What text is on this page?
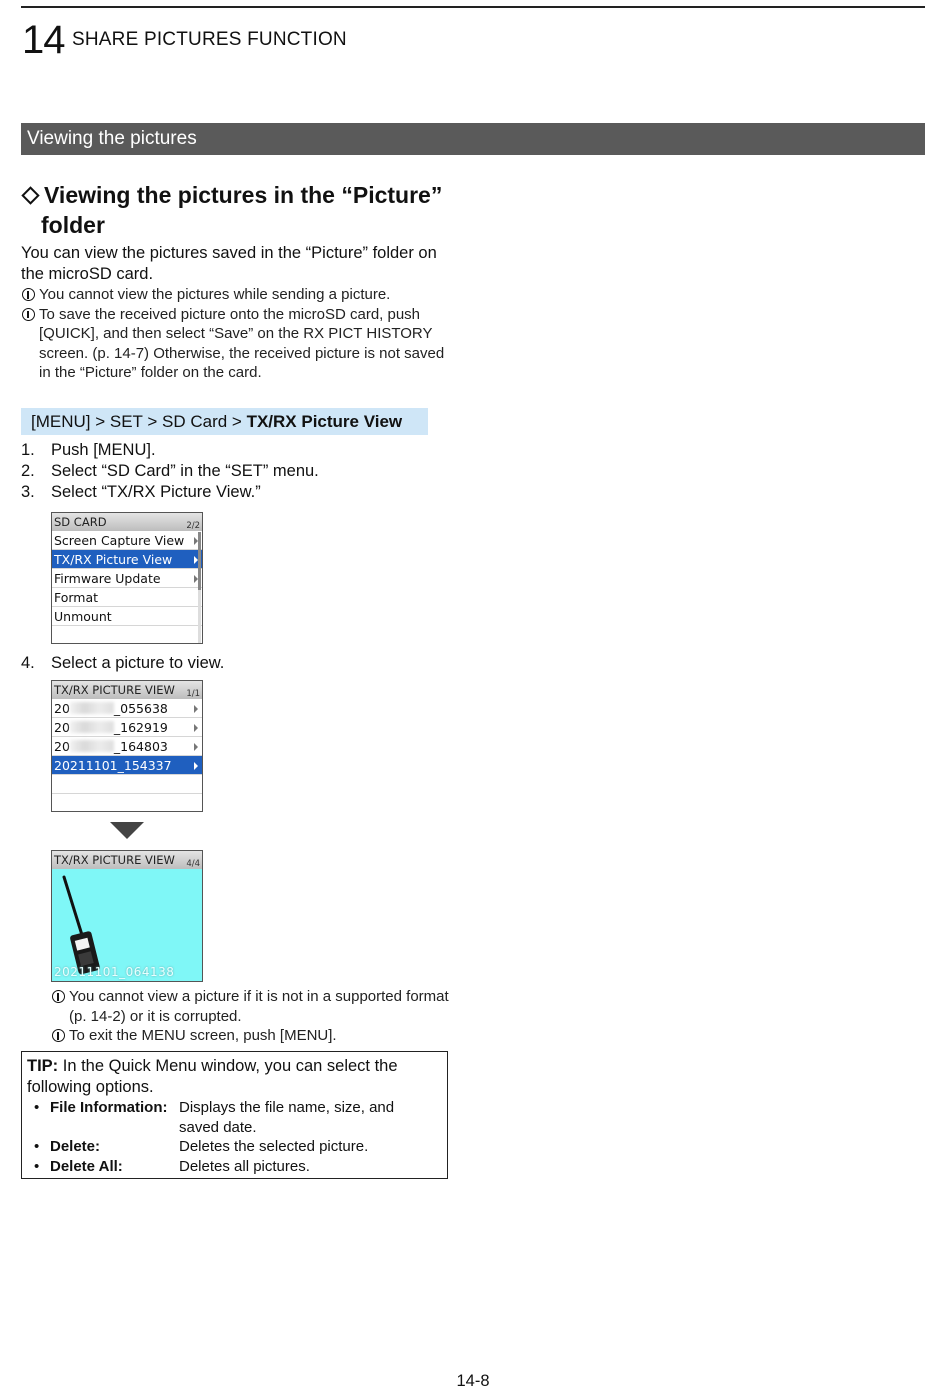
14 SHARE PICTURES FUNCTION
Viewing the pictures
Viewing the pictures in the “Picture”
folder
You can view the pictures saved in the “Picture” folder on the microSD card.
You cannot view the pictures while sending a picture.
To save the received picture onto the microSD card, push [QUICK], and then select “Save” on the RX PICT HISTORY screen. (p. 14-7) Otherwise, the received picture is not saved in the “Picture” folder on the card.
[MENU] > SET > SD Card > TX/RX Picture View
1. Push [MENU].
2. Select “SD Card” in the “SET” menu.
3. Select “TX/RX Picture View.”
SD CARD	2/2
Screen Capture View
TX/RX Picture View
Firmware Update
Format
Unmount
4. Select a picture to view.
TX/RX PICTURE VIEW 1/1
20	_055638
20	_162919
20	_164803
20211101_154337
TX/RX PICTURE VIEW 4/4
20211101_064138
You cannot view a picture if it is not in a supported format (p. 14-2) or it is corrupted.
To exit the MENU screen, push [MENU].
TIP: In the Quick Menu window, you can select the following options.
• File Information: Displays the file name, size, and saved date.
• Delete:	Deletes the selected picture.
• Delete All:	Deletes all pictures.
14-8
